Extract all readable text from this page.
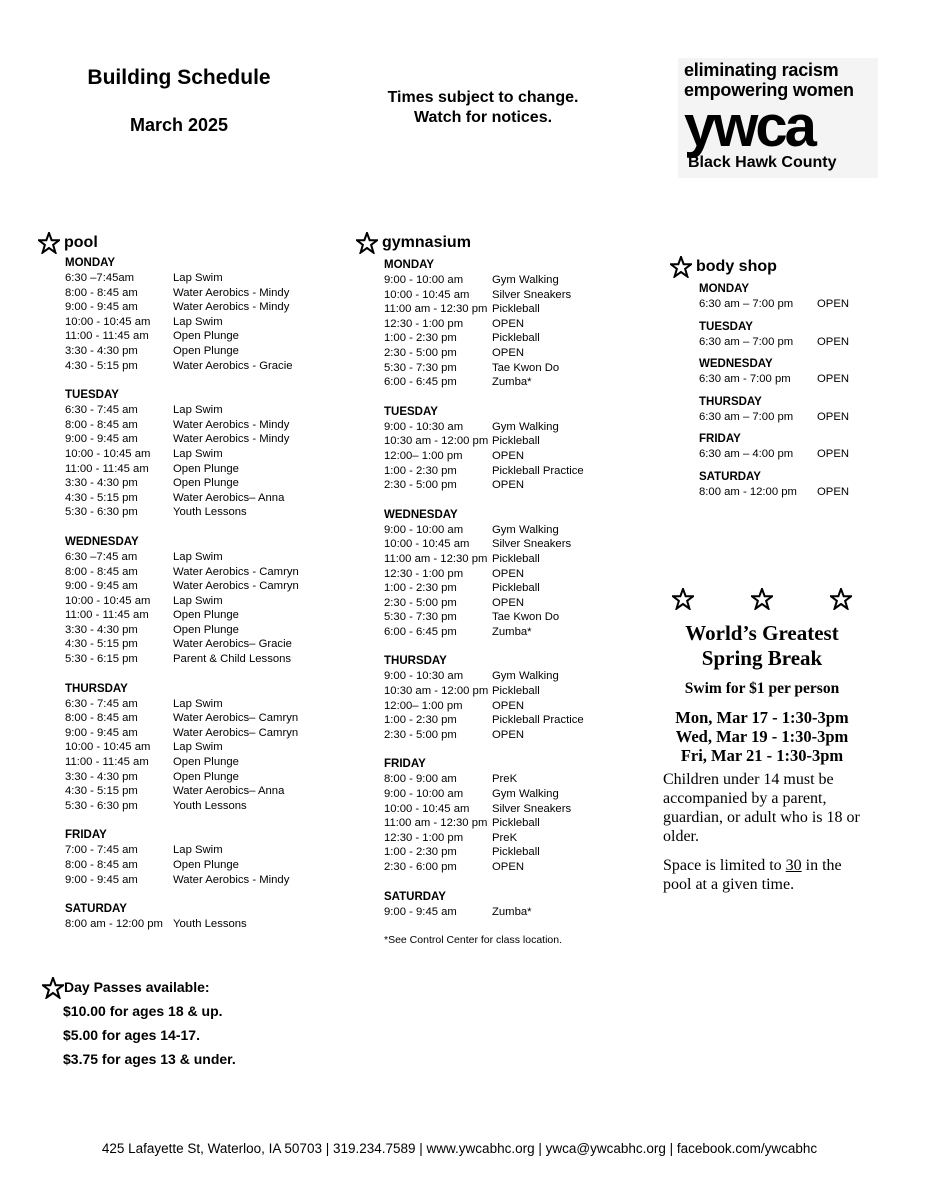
Building Schedule
March 2025
Times subject to change.
Watch for notices.
eliminating racism
empowering women
ywca
Black Hawk County
pool
MONDAY
6:30 –7:45am	Lap Swim
8:00 - 8:45 am	Water Aerobics - Mindy
9:00 - 9:45 am	Water Aerobics - Mindy
10:00 - 10:45 am	Lap Swim
11:00 - 11:45 am	Open Plunge
3:30 - 4:30 pm	Open Plunge
4:30 - 5:15 pm	Water Aerobics - Gracie
TUESDAY
6:30 - 7:45 am	Lap Swim
8:00 - 8:45 am	Water Aerobics - Mindy
9:00 - 9:45 am	Water Aerobics - Mindy
10:00 - 10:45 am	Lap Swim
11:00 - 11:45 am	Open Plunge
3:30 - 4:30 pm	Open Plunge
4:30 - 5:15 pm	Water Aerobics– Anna
5:30 - 6:30 pm	Youth Lessons
WEDNESDAY
6:30 –7:45 am	Lap Swim
8:00 - 8:45 am	Water Aerobics - Camryn
9:00 - 9:45 am	Water Aerobics - Camryn
10:00 - 10:45 am	Lap Swim
11:00 - 11:45 am	Open Plunge
3:30 - 4:30 pm	Open Plunge
4:30 - 5:15 pm	Water Aerobics– Gracie
5:30 - 6:15 pm	Parent & Child Lessons
THURSDAY
6:30 - 7:45 am	Lap Swim
8:00 - 8:45 am	Water Aerobics– Camryn
9:00 - 9:45 am	Water Aerobics– Camryn
10:00 - 10:45 am	Lap Swim
11:00 - 11:45 am	Open Plunge
3:30 - 4:30 pm	Open Plunge
4:30 - 5:15 pm	Water Aerobics– Anna
5:30 - 6:30 pm	Youth Lessons
FRIDAY
7:00 - 7:45 am	Lap Swim
8:00 - 8:45 am	Open Plunge
9:00 - 9:45 am	Water Aerobics - Mindy
SATURDAY
8:00 am - 12:00 pm Youth Lessons
gymnasium
MONDAY
9:00 - 10:00 am	Gym Walking
10:00 - 10:45 am	Silver Sneakers
11:00 am - 12:30 pm Pickleball
12:30 - 1:00 pm	OPEN
1:00 - 2:30 pm	Pickleball
2:30 - 5:00 pm	OPEN
5:30 - 7:30 pm	Tae Kwon Do
6:00 - 6:45 pm	Zumba*
TUESDAY
9:00 - 10:30 am	Gym Walking
10:30 am - 12:00 pm Pickleball
12:00– 1:00 pm	OPEN
1:00 - 2:30 pm	Pickleball Practice
2:30 - 5:00 pm	OPEN
WEDNESDAY
9:00 - 10:00 am	Gym Walking
10:00 - 10:45 am	Silver Sneakers
11:00 am - 12:30 pm Pickleball
12:30 - 1:00 pm	OPEN
1:00 - 2:30 pm	Pickleball
2:30 - 5:00 pm	OPEN
5:30 - 7:30 pm	Tae Kwon Do
6:00 - 6:45 pm	Zumba*
THURSDAY
9:00 - 10:30 am	Gym Walking
10:30 am - 12:00 pm Pickleball
12:00– 1:00 pm	OPEN
1:00 - 2:30 pm	Pickleball Practice
2:30 - 5:00 pm	OPEN
FRIDAY
8:00 - 9:00 am	PreK
9:00 - 10:00 am	Gym Walking
10:00 - 10:45 am	Silver Sneakers
11:00 am - 12:30 pm Pickleball
12:30 - 1:00 pm	PreK
1:00 - 2:30 pm	Pickleball
2:30 - 6:00 pm	OPEN
SATURDAY
9:00 - 9:45 am	Zumba*
*See Control Center for class location.
body shop
MONDAY
6:30 am – 7:00 pm	OPEN
TUESDAY
6:30 am – 7:00 pm	OPEN
WEDNESDAY
6:30 am - 7:00 pm	OPEN
THURSDAY
6:30 am – 7:00 pm	OPEN
FRIDAY
6:30 am – 4:00 pm	OPEN
SATURDAY
8:00 am - 12:00 pm	OPEN
World’s Greatest
Spring Break
Swim for $1 per person
Mon, Mar 17 - 1:30-3pm
Wed, Mar 19 - 1:30-3pm
Fri, Mar 21 - 1:30-3pm
Children under 14 must be accompanied by a parent, guardian, or adult who is 18 or older.
Space is limited to 30 in the pool at a given time.
Day Passes available:
$10.00 for ages 18 & up.
$5.00 for ages 14-17.
$3.75 for ages 13 & under.
425 Lafayette St, Waterloo, IA 50703 | 319.234.7589 | www.ywcabhc.org | ywca@ywcabhc.org | facebook.com/ywcabhc
